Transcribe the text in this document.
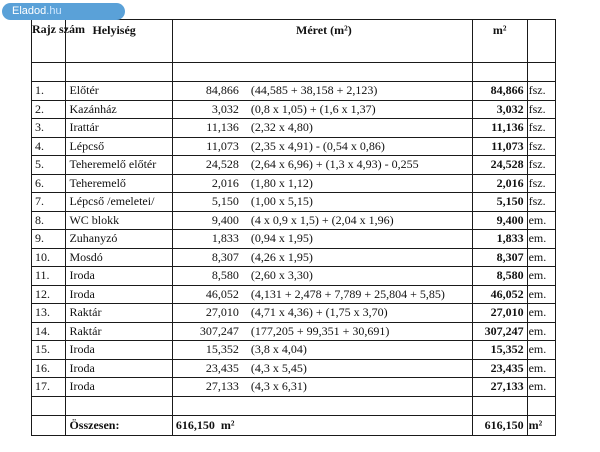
Eladod.hu
Rajz szám	Helyiség	Méret (m²)	m²	

1.	Előtér	84,866 (44,585 + 38,158 + 2,123)	84,866	fsz.
2.	Kazánház	3,032 (0,8 x 1,05) + (1,6 x 1,37)	3,032	fsz.
3.	Irattár	11,136 (2,32 x 4,80)	11,136	fsz.
4.	Lépcső	11,073 (2,35 x 4,91) - (0,54 x 0,86)	11,073	fsz.
5.	Teheremelő előtér	24,528 (2,64 x 6,96) + (1,3 x 4,93) - 0,255	24,528	fsz.
6.	Teheremelő	2,016 (1,80 x 1,12)	2,016	fsz.
7.	Lépcső /emeletei/	5,150 (1,00 x 5,15)	5,150	fsz.
8.	WC blokk	9,400 (4 x 0,9 x 1,5) + (2,04 x 1,96)	9,400	em.
9.	Zuhanyzó	1,833 (0,94 x 1,95)	1,833	em.
10.	Mosdó	8,307 (4,26 x 1,95)	8,307	em.
11.	Iroda	8,580 (2,60 x 3,30)	8,580	em.
12.	Iroda	46,052 (4,131 + 2,478 + 7,789 + 25,804 + 5,85)	46,052	em.
13.	Raktár	27,010 (4,71 x 4,36) + (1,75 x 3,70)	27,010	em.
14.	Raktár	307,247 (177,205 + 99,351 + 30,691)	307,247	em.
15.	Iroda	15,352 (3,8 x 4,04)	15,352	em.
16.	Iroda	23,435 (4,3 x 5,45)	23,435	em.
17.	Iroda	27,133 (4,3 x 6,31)	27,133	em.

	Összesen:	616,150 m²	616,150	m²
